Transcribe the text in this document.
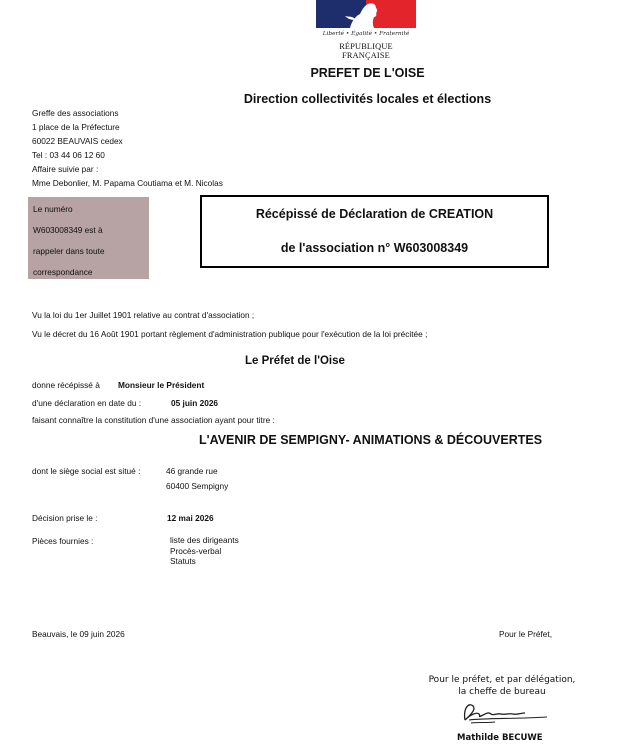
Liberté • Égalité • Fraternité
RÉPUBLIQUE FRANÇAISE
PREFET DE L'OISE
Direction collectivités locales et élections
Greffe des associations
1 place de la Préfecture
60022 BEAUVAIS cedex
Tel : 03 44 06 12 60
Affaire suivie par :
Mme Debonlier, M. Papama Coutiama et M. Nicolas
Le numéro
W603008349 est à
rappeler dans toute
correspondance
Récépissé de Déclaration de CREATION
de l'association n° W603008349
Vu la loi du 1er Juillet 1901 relative au contrat d'association ;
Vu le décret du 16 Août 1901 portant règlement d'administration publique pour l'exécution de la loi précitée ;
Le Préfet de l'Oise
donne récépissé à Monsieur le Président
d'une déclaration en date du :	05 juin 2026
faisant connaître la constitution d'une association ayant pour titre :
L'AVENIR DE SEMPIGNY- ANIMATIONS & DÉCOUVERTES
dont le siège social est situé :	46 grande rue
60400 Sempigny
Décision prise le :	12 mai 2026
Pièces fournies :	liste des dirigeants
Procès-verbal
Statuts
Beauvais, le 09 juin 2026	Pour le Préfet,
Pour le préfet, et par délégation,
la cheffe de bureau
Mathilde BECUWE
